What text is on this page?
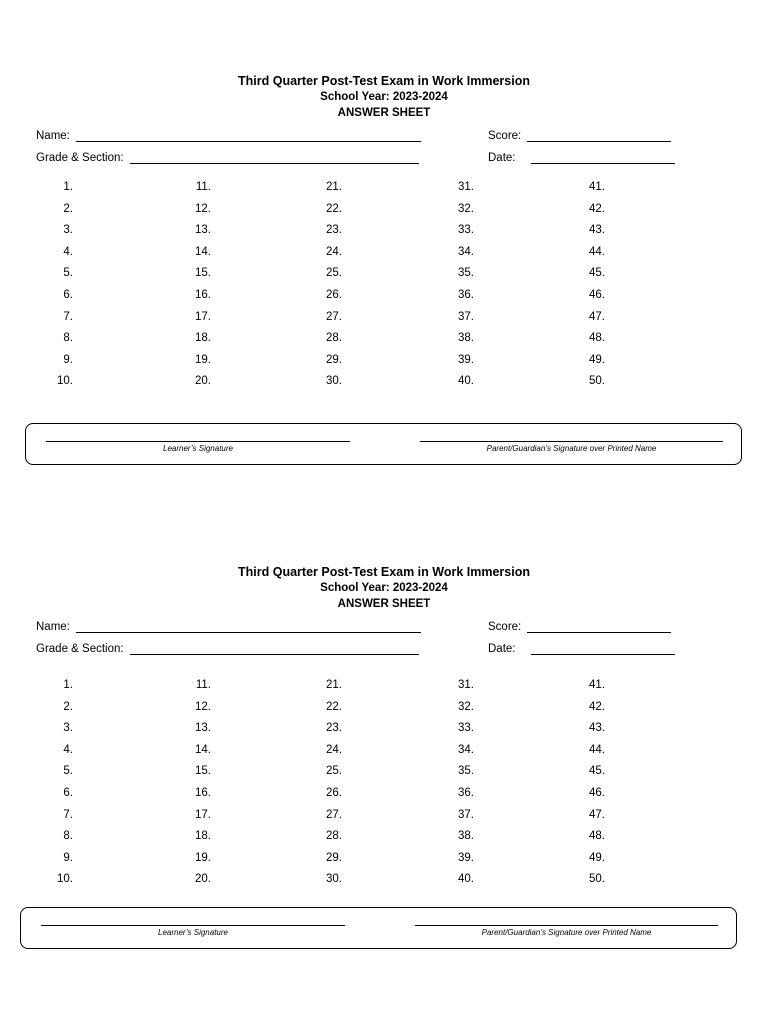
Third Quarter Post-Test Exam in Work Immersion
School Year: 2023-2024
ANSWER SHEET
Name:
Grade & Section:
Score:
Date:
1.
2.
3.
4.
5.
6.
7.
8.
9.
10.
11.
12.
13.
14.
15.
16.
17.
18.
19.
20.
21.
22.
23.
24.
25.
26.
27.
28.
29.
30.
31.
32.
33.
34.
35.
36.
37.
38.
39.
40.
41.
42.
43.
44.
45.
46.
47.
48.
49.
50.
Learner’s Signature	Parent/Guardian’s Signature over Printed Name
Third Quarter Post-Test Exam in Work Immersion
School Year: 2023-2024
ANSWER SHEET
Name:
Grade & Section:
Score:
Date:
1.
2.
3.
4.
5.
6.
7.
8.
9.
10.
11.
12.
13.
14.
15.
16.
17.
18.
19.
20.
21.
22.
23.
24.
25.
26.
27.
28.
29.
30.
31.
32.
33.
34.
35.
36.
37.
38.
39.
40.
41.
42.
43.
44.
45.
46.
47.
48.
49.
50.
Learner’s Signature	Parent/Guardian’s Signature over Printed Name
